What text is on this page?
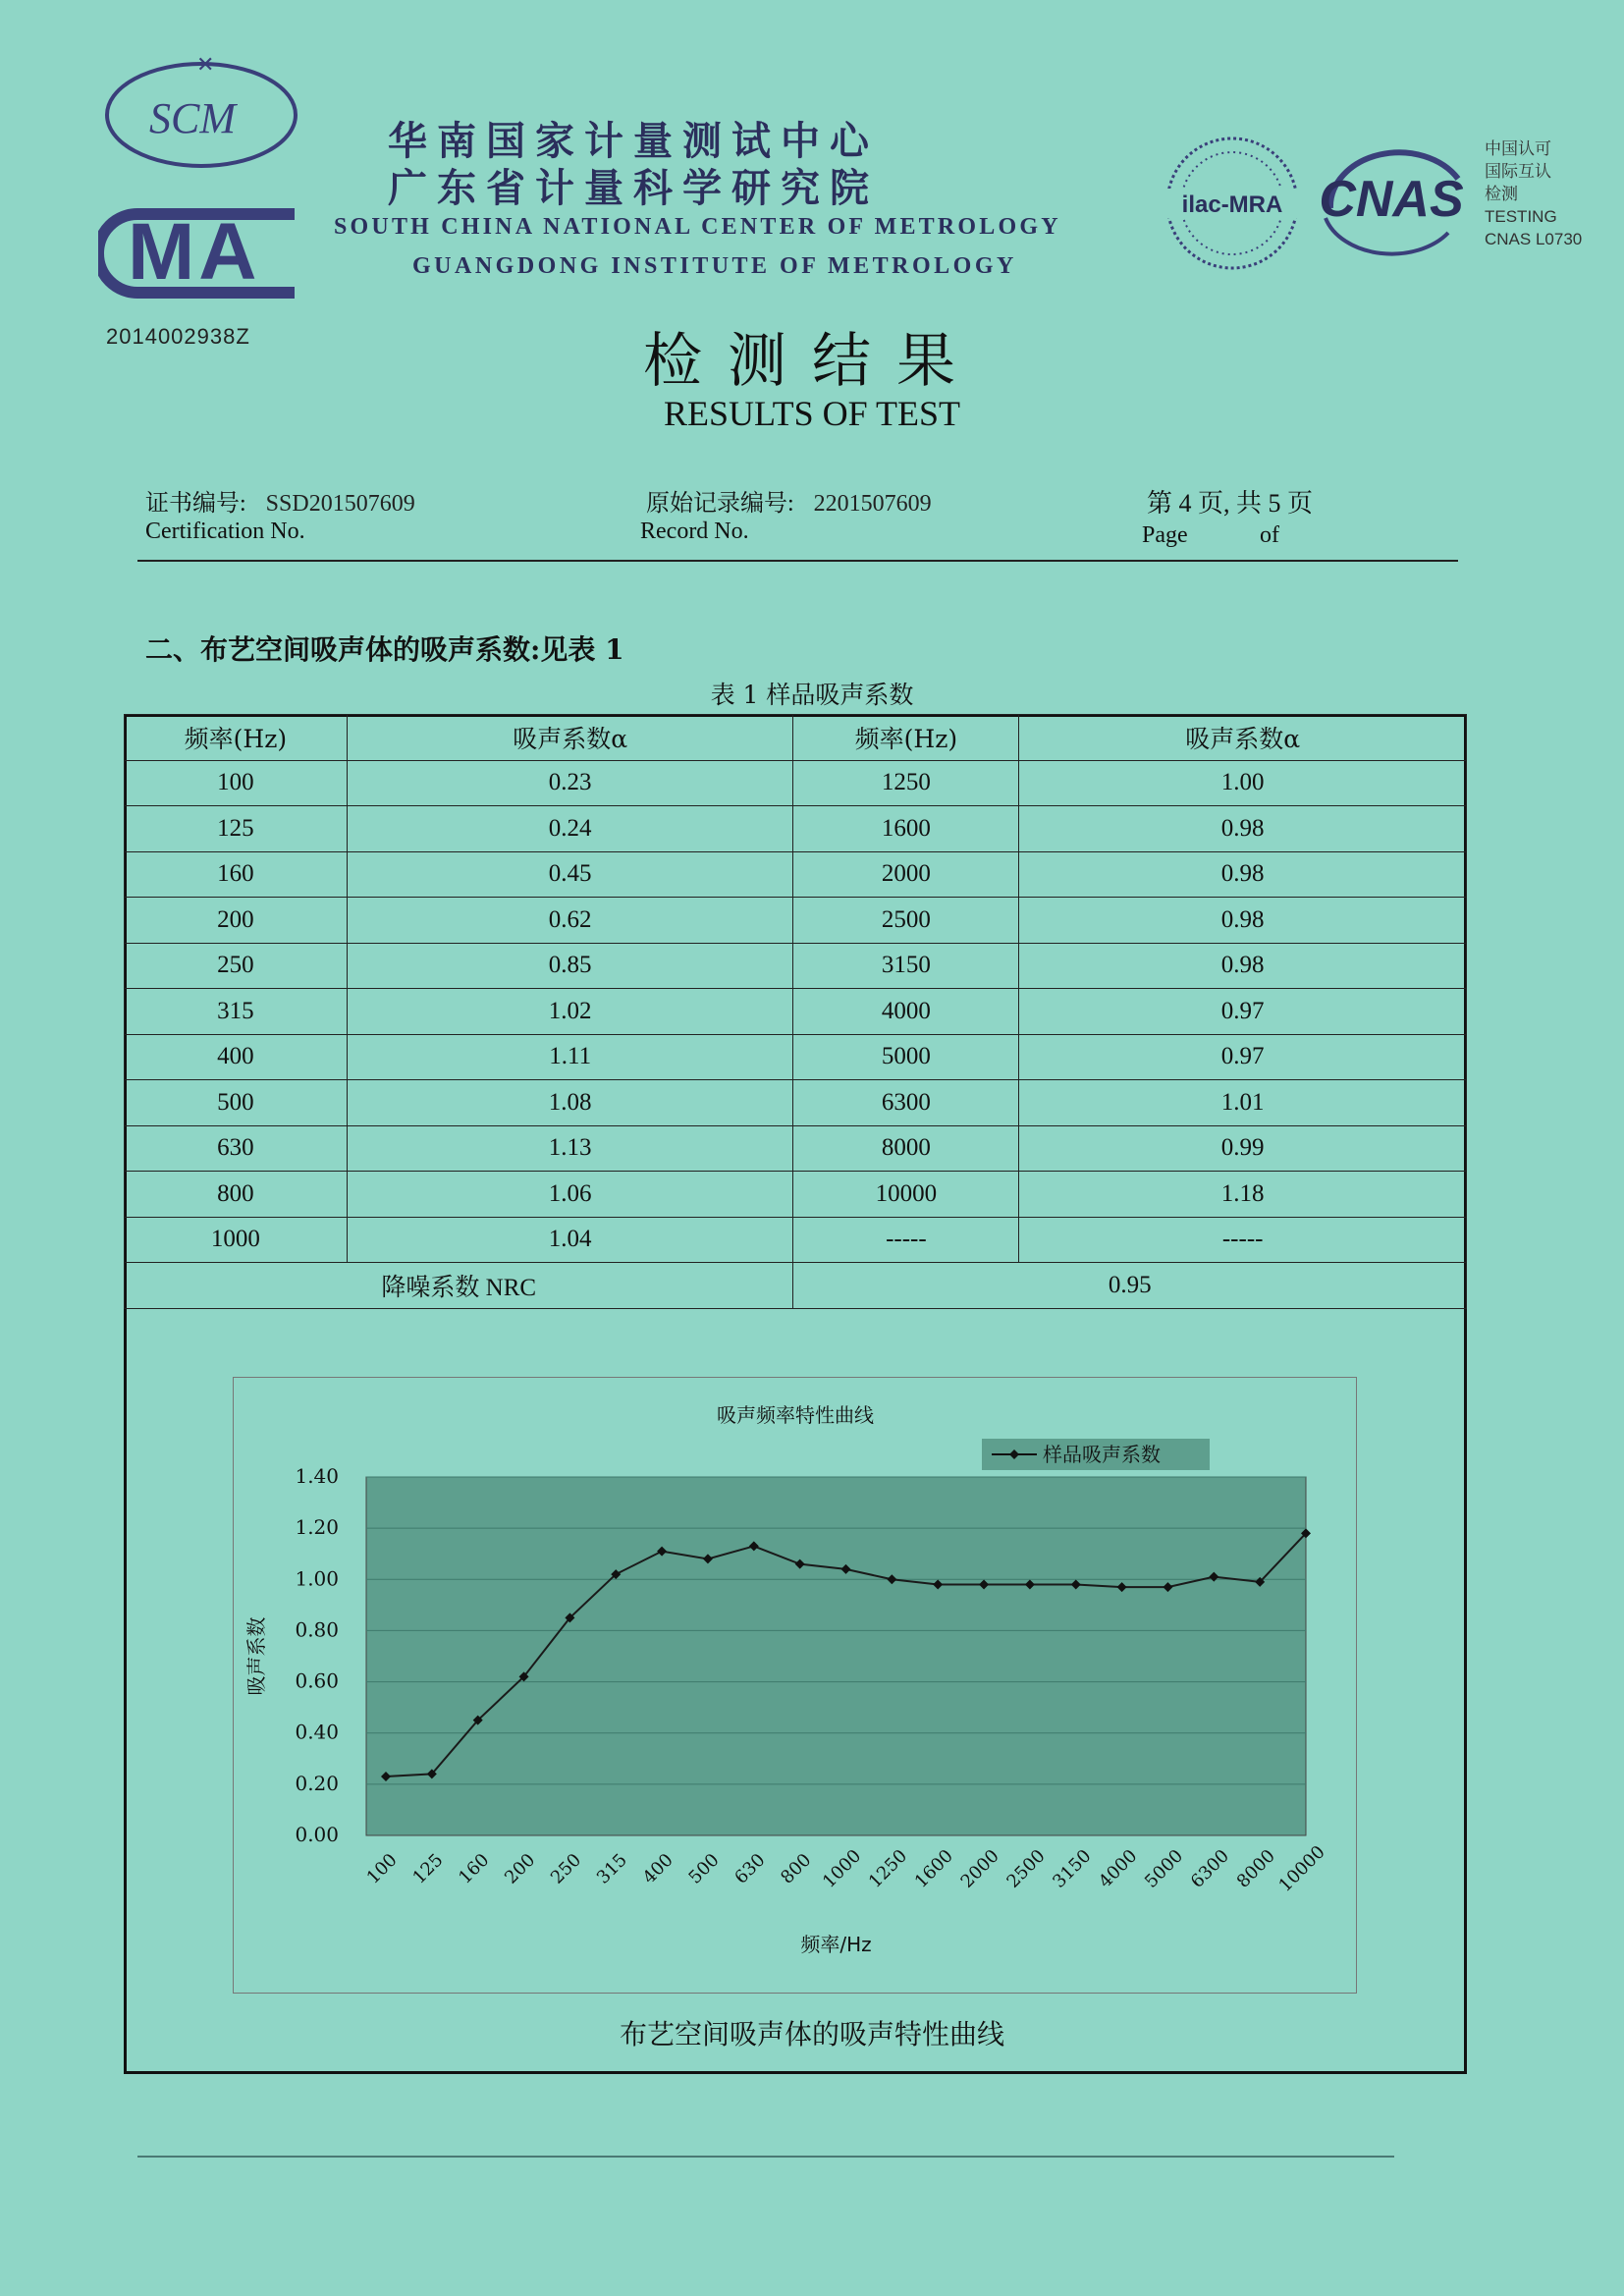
✕
SCM
MA
2014002938Z
华南国家计量测试中心
广东省计量科学研究院
SOUTH CHINA NATIONAL CENTER OF METROLOGY
GUANGDONG INSTITUTE OF METROLOGY
ilac-MRA CNAS
中国认可
国际互认
检测
TESTING
CNAS L0730
检测结果
RESULTS OF TEST
证书编号: SSD201507609
Certification No.
原始记录编号: 2201507609
Record No.
第 4 页, 共 5 页
Page	of
二、布艺空间吸声体的吸声系数:见表 1
表 1 样品吸声系数
频率(Hz)	吸声系数α	频率(Hz)	吸声系数α
100	0.23	1250	1.00
125	0.24	1600	0.98
160	0.45	2000	0.98
200	0.62	2500	0.98
250	0.85	3150	0.98
315	1.02	4000	0.97
400	1.11	5000	0.97
500	1.08	6300	1.01
630	1.13	8000	0.99
800	1.06	10000	1.18
1000	1.04	-----	-----
降噪系数 NRC		0.95	
吸声频率特性曲线
0.00
0.20
0.40
0.60
0.80
1.00
1.20
1.40
吸声系数
100 125 160 200 250 315 400 500 630 800 1000 1250 1600 2000 2500 3150 4000 5000 6300 8000
10000
频率/Hz
样品吸声系数
布艺空间吸声体的吸声特性曲线
